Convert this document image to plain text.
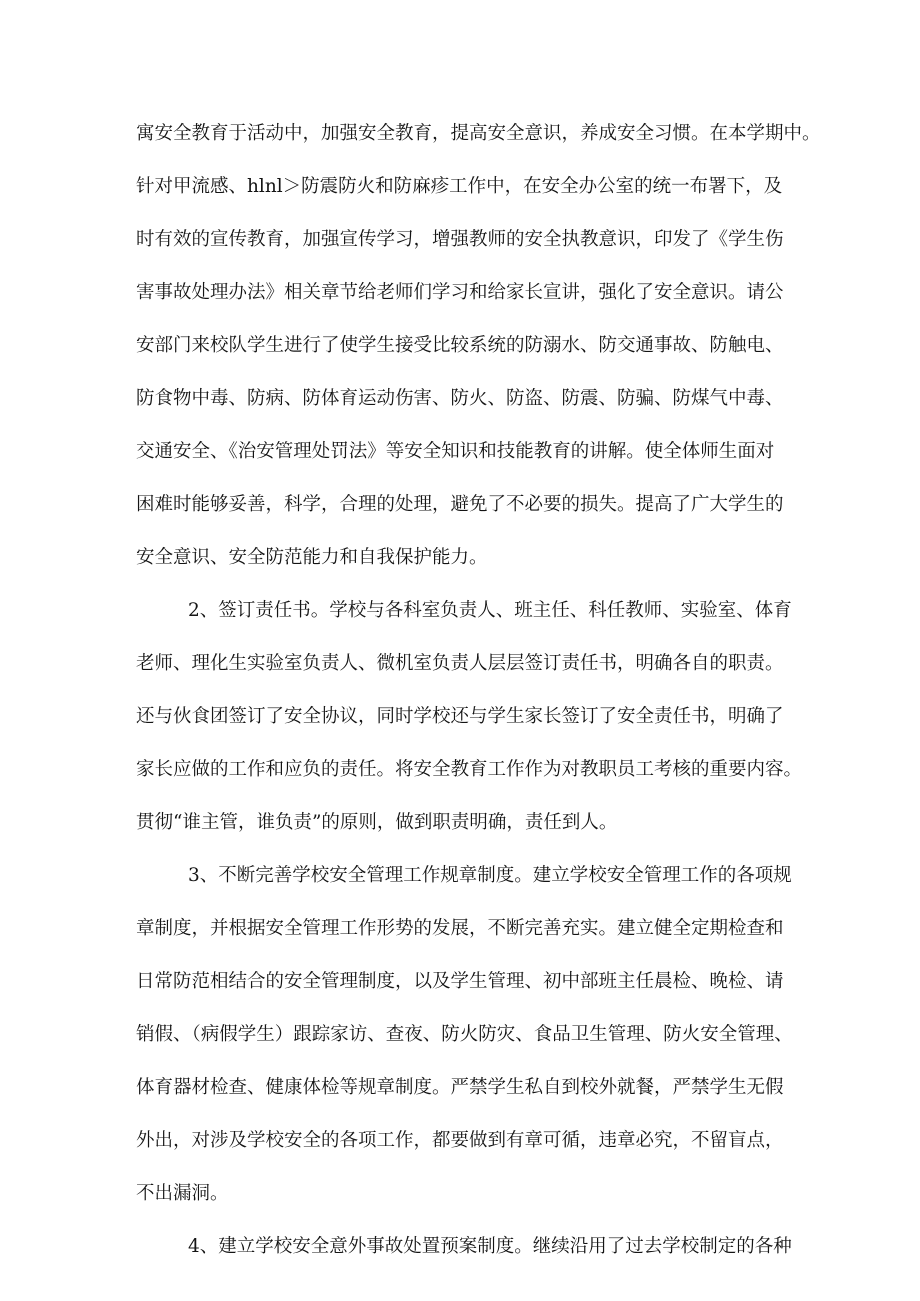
寓安全教育于活动中，加强安全教育，提高安全意识，养成安全习惯。在本学期中。
针对甲流感、hlnl＞防震防火和防麻疹工作中，在安全办公室的统一布署下，及
时有效的宣传教育，加强宣传学习，增强教师的安全执教意识，印发了《学生伤
害事故处理办法》相关章节给老师们学习和给家长宣讲，强化了安全意识。请公
安部门来校队学生进行了使学生接受比较系统的防溺水、防交通事故、防触电、
防食物中毒、防病、防体育运动伤害、防火、防盗、防震、防骗、防煤气中毒、
交通安全、《治安管理处罚法》等安全知识和技能教育的讲解。使全体师生面对
困难时能够妥善，科学，合理的处理，避免了不必要的损失。提高了广大学生的
安全意识、安全防范能力和自我保护能力。
2、签订责任书。学校与各科室负责人、班主任、科任教师、实验室、体育
老师、理化生实验室负责人、微机室负责人层层签订责任书，明确各自的职责。
还与伙食团签订了安全协议，同时学校还与学生家长签订了安全责任书，明确了
家长应做的工作和应负的责任。将安全教育工作作为对教职员工考核的重要内容。
贯彻“谁主管，谁负责”的原则，做到职责明确，责任到人。
3、不断完善学校安全管理工作规章制度。建立学校安全管理工作的各项规
章制度，并根据安全管理工作形势的发展，不断完善充实。建立健全定期检查和
日常防范相结合的安全管理制度，以及学生管理、初中部班主任晨检、晚检、请
销假、（病假学生）跟踪家访、查夜、防火防灾、食品卫生管理、防火安全管理、
体育器材检查、健康体检等规章制度。严禁学生私自到校外就餐，严禁学生无假
外出，对涉及学校安全的各项工作，都要做到有章可循，违章必究，不留盲点，
不出漏洞。
4、建立学校安全意外事故处置预案制度。继续沿用了过去学校制定的各种
